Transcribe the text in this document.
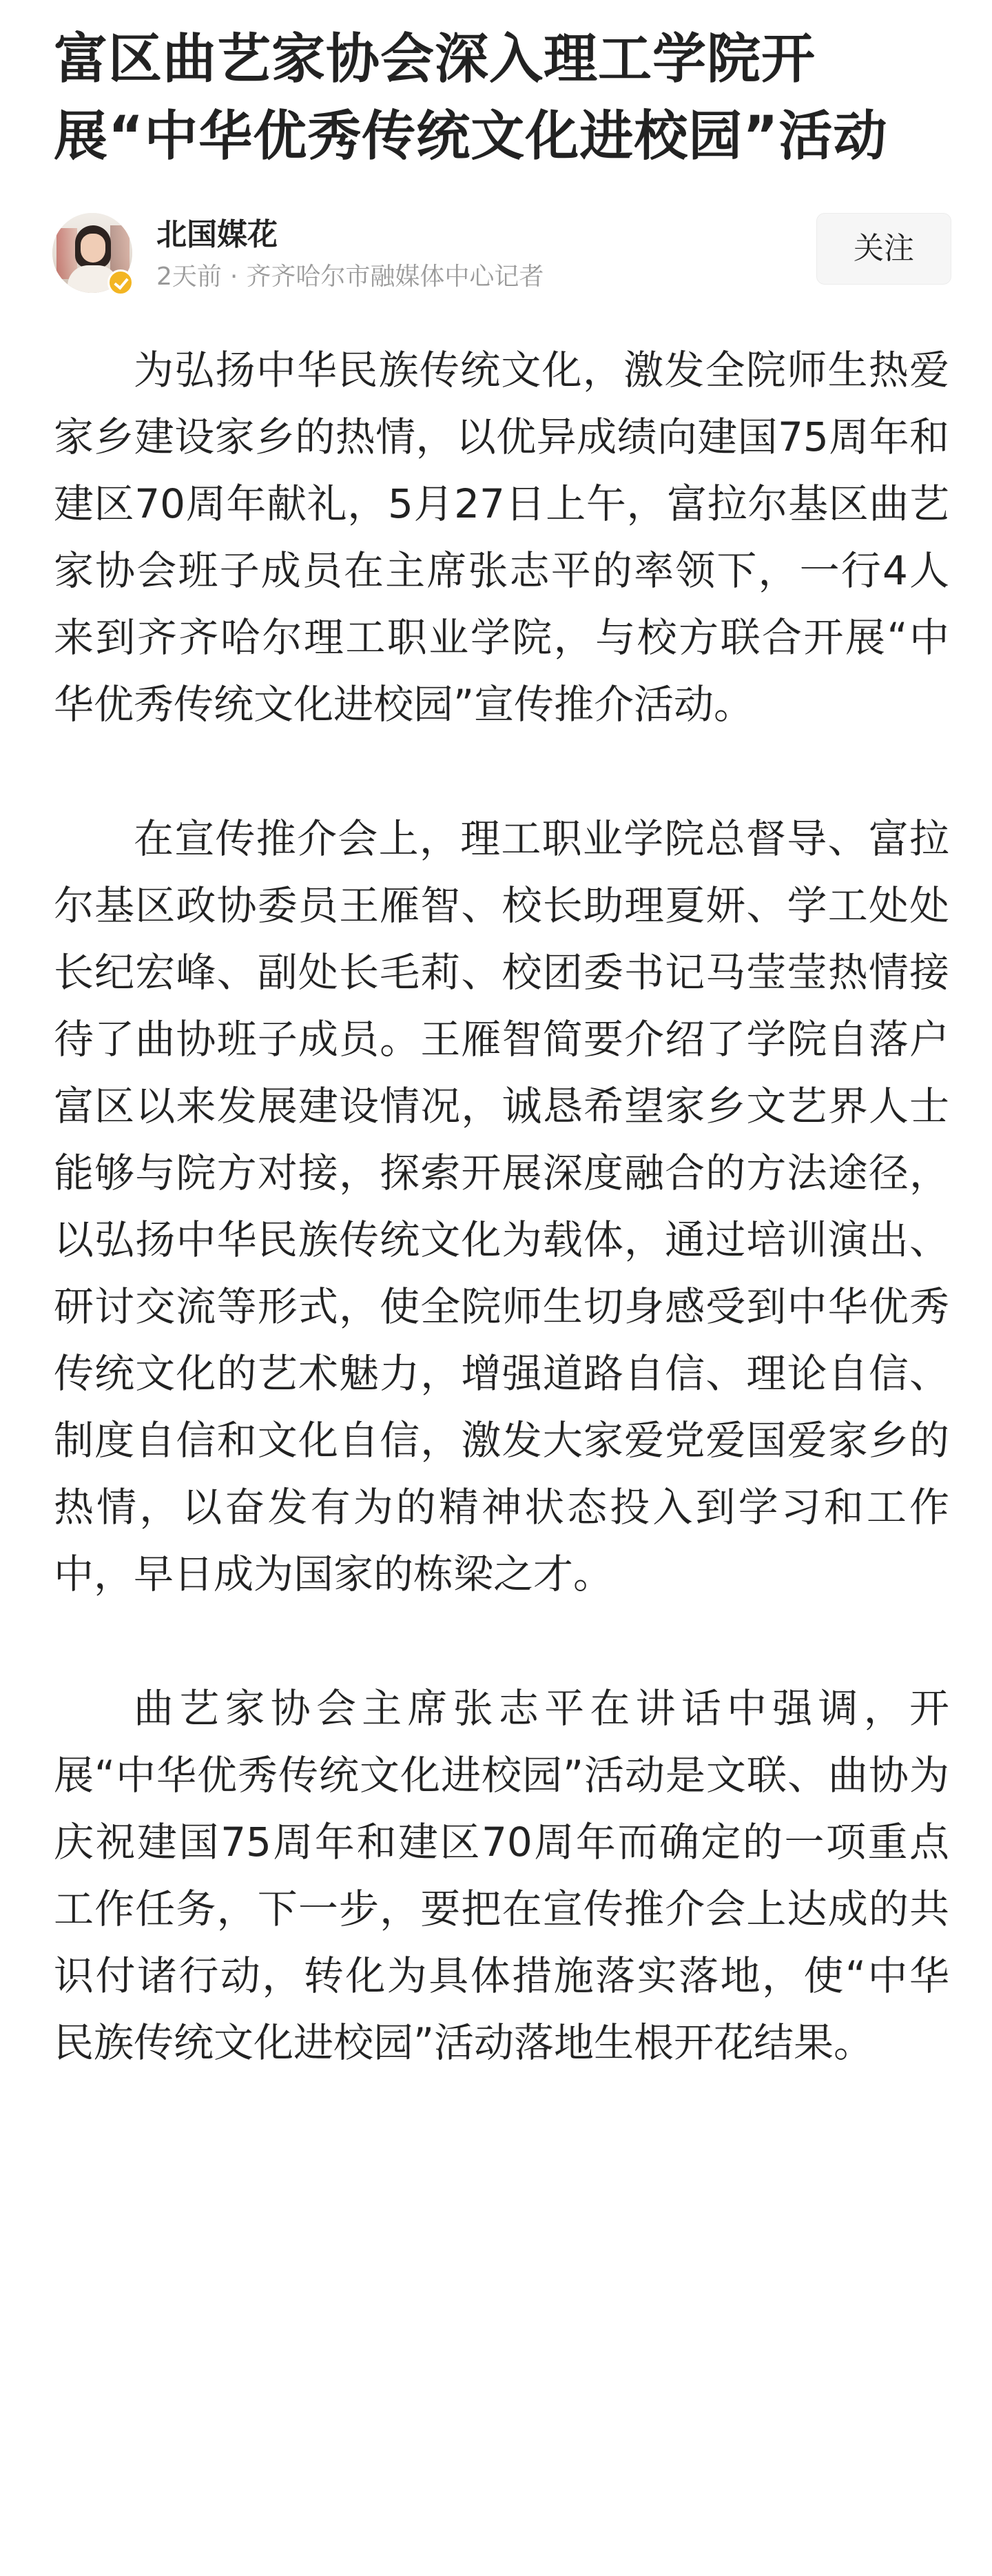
富区曲艺家协会深入理工学院开展“中华优秀传统文化进校园”活动
北国媒花
2天前 · 齐齐哈尔市融媒体中心记者
关注

为弘扬中华民族传统文化，激发全院师生热爱家乡建设家乡的热情，以优异成绩向建国75周年和建区70周年献礼，5月27日上午，富拉尔基区曲艺家协会班子成员在主席张志平的率领下，一行4人来到齐齐哈尔理工职业学院，与校方联合开展“中华优秀传统文化进校园”宣传推介活动。

在宣传推介会上，理工职业学院总督导、富拉尔基区政协委员王雁智、校长助理夏妍、学工处处长纪宏峰、副处长毛莉、校团委书记马莹莹热情接待了曲协班子成员。王雁智简要介绍了学院自落户富区以来发展建设情况，诚恳希望家乡文艺界人士能够与院方对接，探索开展深度融合的方法途径，以弘扬中华民族传统文化为载体，通过培训演出、研讨交流等形式，使全院师生切身感受到中华优秀传统文化的艺术魅力，增强道路自信、理论自信、制度自信和文化自信，激发大家爱党爱国爱家乡的热情，以奋发有为的精神状态投入到学习和工作中，早日成为国家的栋梁之才。

曲艺家协会主席张志平在讲话中强调，开展“中华优秀传统文化进校园”活动是文联、曲协为庆祝建国75周年和建区70周年而确定的一项重点工作任务，下一步，要把在宣传推介会上达成的共识付诸行动，转化为具体措施落实落地，使“中华民族传统文化进校园”活动落地生根开花结果。
